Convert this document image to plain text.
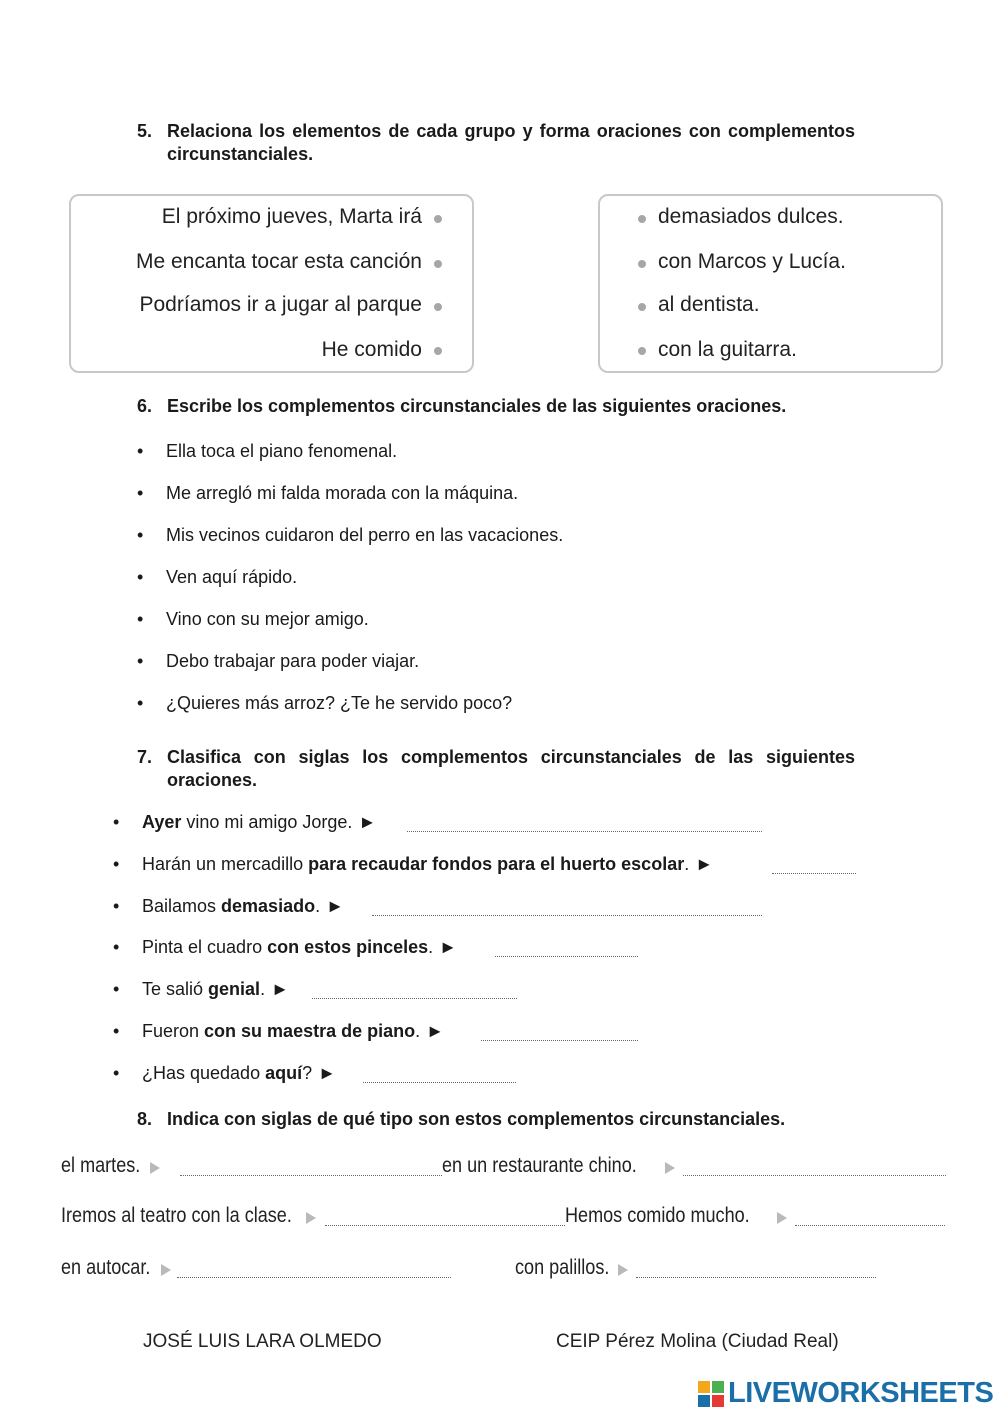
5. Relaciona los elementos de cada grupo y forma oraciones con complementos circunstanciales.
El próximo jueves, Marta irá
Me encanta tocar esta canción
Podríamos ir a jugar al parque
He comido
demasiados dulces.
con Marcos y Lucía.
al dentista.
con la guitarra.
6. Escribe los complementos circunstanciales de las siguientes oraciones.
• Ella toca el piano fenomenal.
• Me arregló mi falda morada con la máquina.
• Mis vecinos cuidaron del perro en las vacaciones.
• Ven aquí rápido.
• Vino con su mejor amigo.
• Debo trabajar para poder viajar.
• ¿Quieres más arroz? ¿Te he servido poco?
7. Clasifica con siglas los complementos circunstanciales de las siguientes oraciones.
• Ayer vino mi amigo Jorge. ►
• Harán un mercadillo para recaudar fondos para el huerto escolar. ►
• Bailamos demasiado. ►
• Pinta el cuadro con estos pinceles. ►
• Te salió genial. ►
• Fueron con su maestra de piano. ►
• ¿Has quedado aquí? ►
8. Indica con siglas de qué tipo son estos complementos circunstanciales.
el martes.	en un restaurante chino.
Iremos al teatro con la clase.	Hemos comido mucho.
en autocar.	con palillos.
JOSÉ LUIS LARA OLMEDO	CEIP Pérez Molina (Ciudad Real)
LIVEWORKSHEETS
